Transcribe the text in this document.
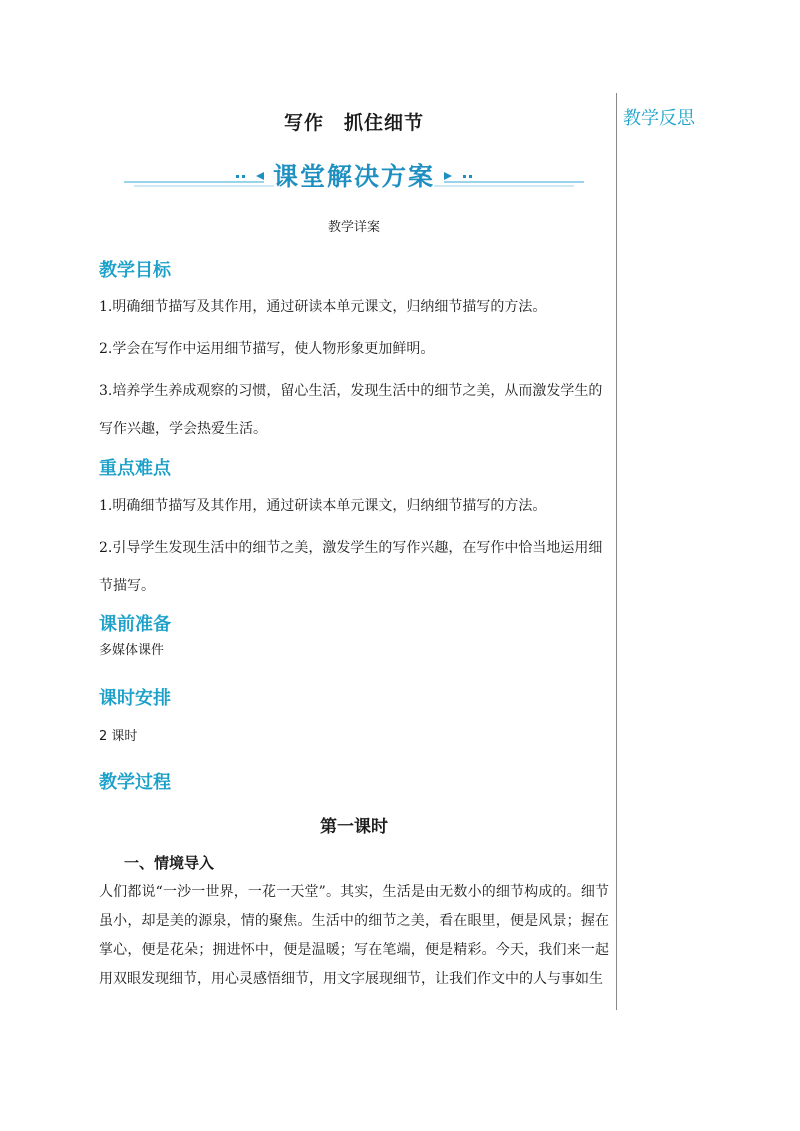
教学反思
写作　抓住细节
课堂解决方案
教学详案
教学目标
1.明确细节描写及其作用，通过研读本单元课文，归纳细节描写的方法。
2.学会在写作中运用细节描写，使人物形象更加鲜明。
3.培养学生养成观察的习惯，留心生活，发现生活中的细节之美，从而激发学生的写作兴趣，学会热爱生活。
重点难点
1.明确细节描写及其作用，通过研读本单元课文，归纳细节描写的方法。
2.引导学生发现生活中的细节之美，激发学生的写作兴趣，在写作中恰当地运用细节描写。
课前准备
多媒体课件
课时安排
2 课时
教学过程
第一课时
一、情境导入
人们都说“一沙一世界，一花一天堂”。其实，生活是由无数小的细节构成的。细节虽小，却是美的源泉，情的聚焦。生活中的细节之美，看在眼里，便是风景；握在掌心，便是花朵；拥进怀中，便是温暖；写在笔端，便是精彩。今天，我们来一起用双眼发现细节，用心灵感悟细节，用文字展现细节，让我们作文中的人与事如生
